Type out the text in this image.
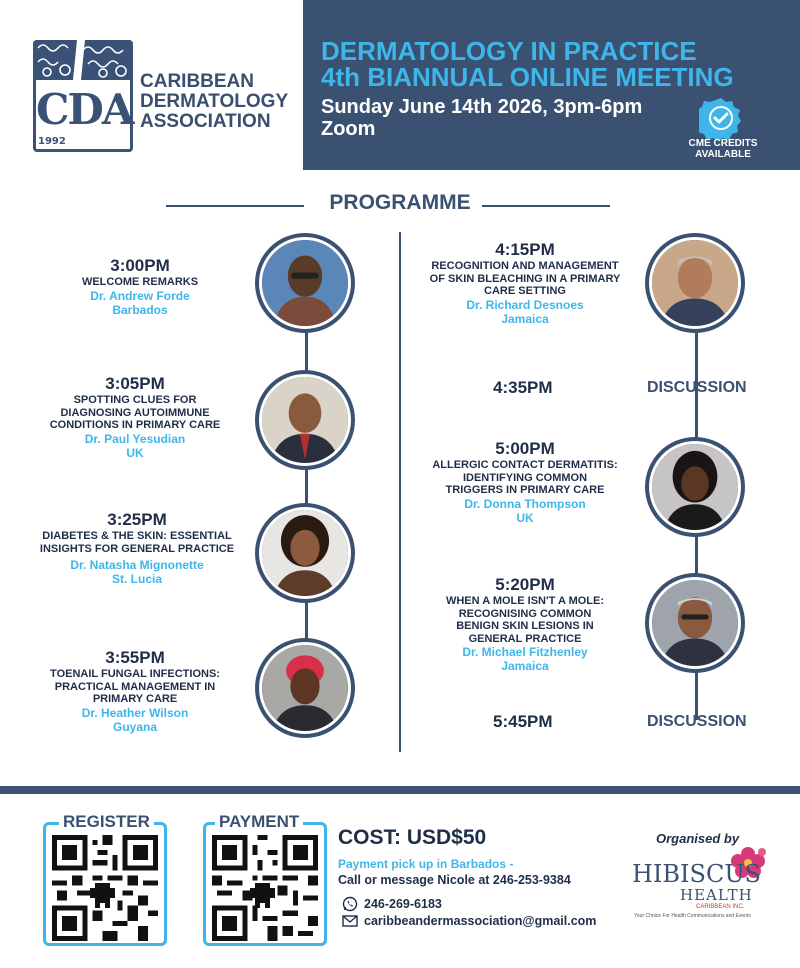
CDA
1992
CARIBBEAN
DERMATOLOGY
ASSOCIATION
DERMATOLOGY IN PRACTICE
4th BIANNUAL ONLINE MEETING
Sunday June 14th 2026, 3pm-6pm
Zoom
CME CREDITS
AVAILABLE
PROGRAMME
3:00PM
WELCOME REMARKS
Dr. Andrew Forde
Barbados
3:05PM
SPOTTING CLUES FOR
DIAGNOSING AUTOIMMUNE
CONDITIONS IN PRIMARY CARE
Dr. Paul Yesudian
UK
3:25PM
DIABETES & THE SKIN: ESSENTIAL
INSIGHTS FOR GENERAL PRACTICE
Dr. Natasha Mignonette
St. Lucia
3:55PM
TOENAIL FUNGAL INFECTIONS:
PRACTICAL MANAGEMENT IN
PRIMARY CARE
Dr. Heather Wilson
Guyana
4:15PM
RECOGNITION AND MANAGEMENT
OF SKIN BLEACHING IN A PRIMARY
CARE SETTING
Dr. Richard Desnoes
Jamaica
5:00PM
ALLERGIC CONTACT DERMATITIS:
IDENTIFYING COMMON
TRIGGERS IN PRIMARY CARE
Dr. Donna Thompson
UK
5:20PM
WHEN A MOLE ISN'T A MOLE:
RECOGNISING COMMON
BENIGN SKIN LESIONS IN
GENERAL PRACTICE
Dr. Michael Fitzhenley
Jamaica
4:35PM	DISCUSSION
5:45PM	DISCUSSION
REGISTER	PAYMENT
COST: USD$50
Payment pick up in Barbados -
Call or message Nicole at 246-253-9384
246-269-6183
caribbeandermassociation@gmail.com
Organised by
HIBISCUS
HEALTH
CARIBBEAN INC.
Your Choice For Health Communications and Events
